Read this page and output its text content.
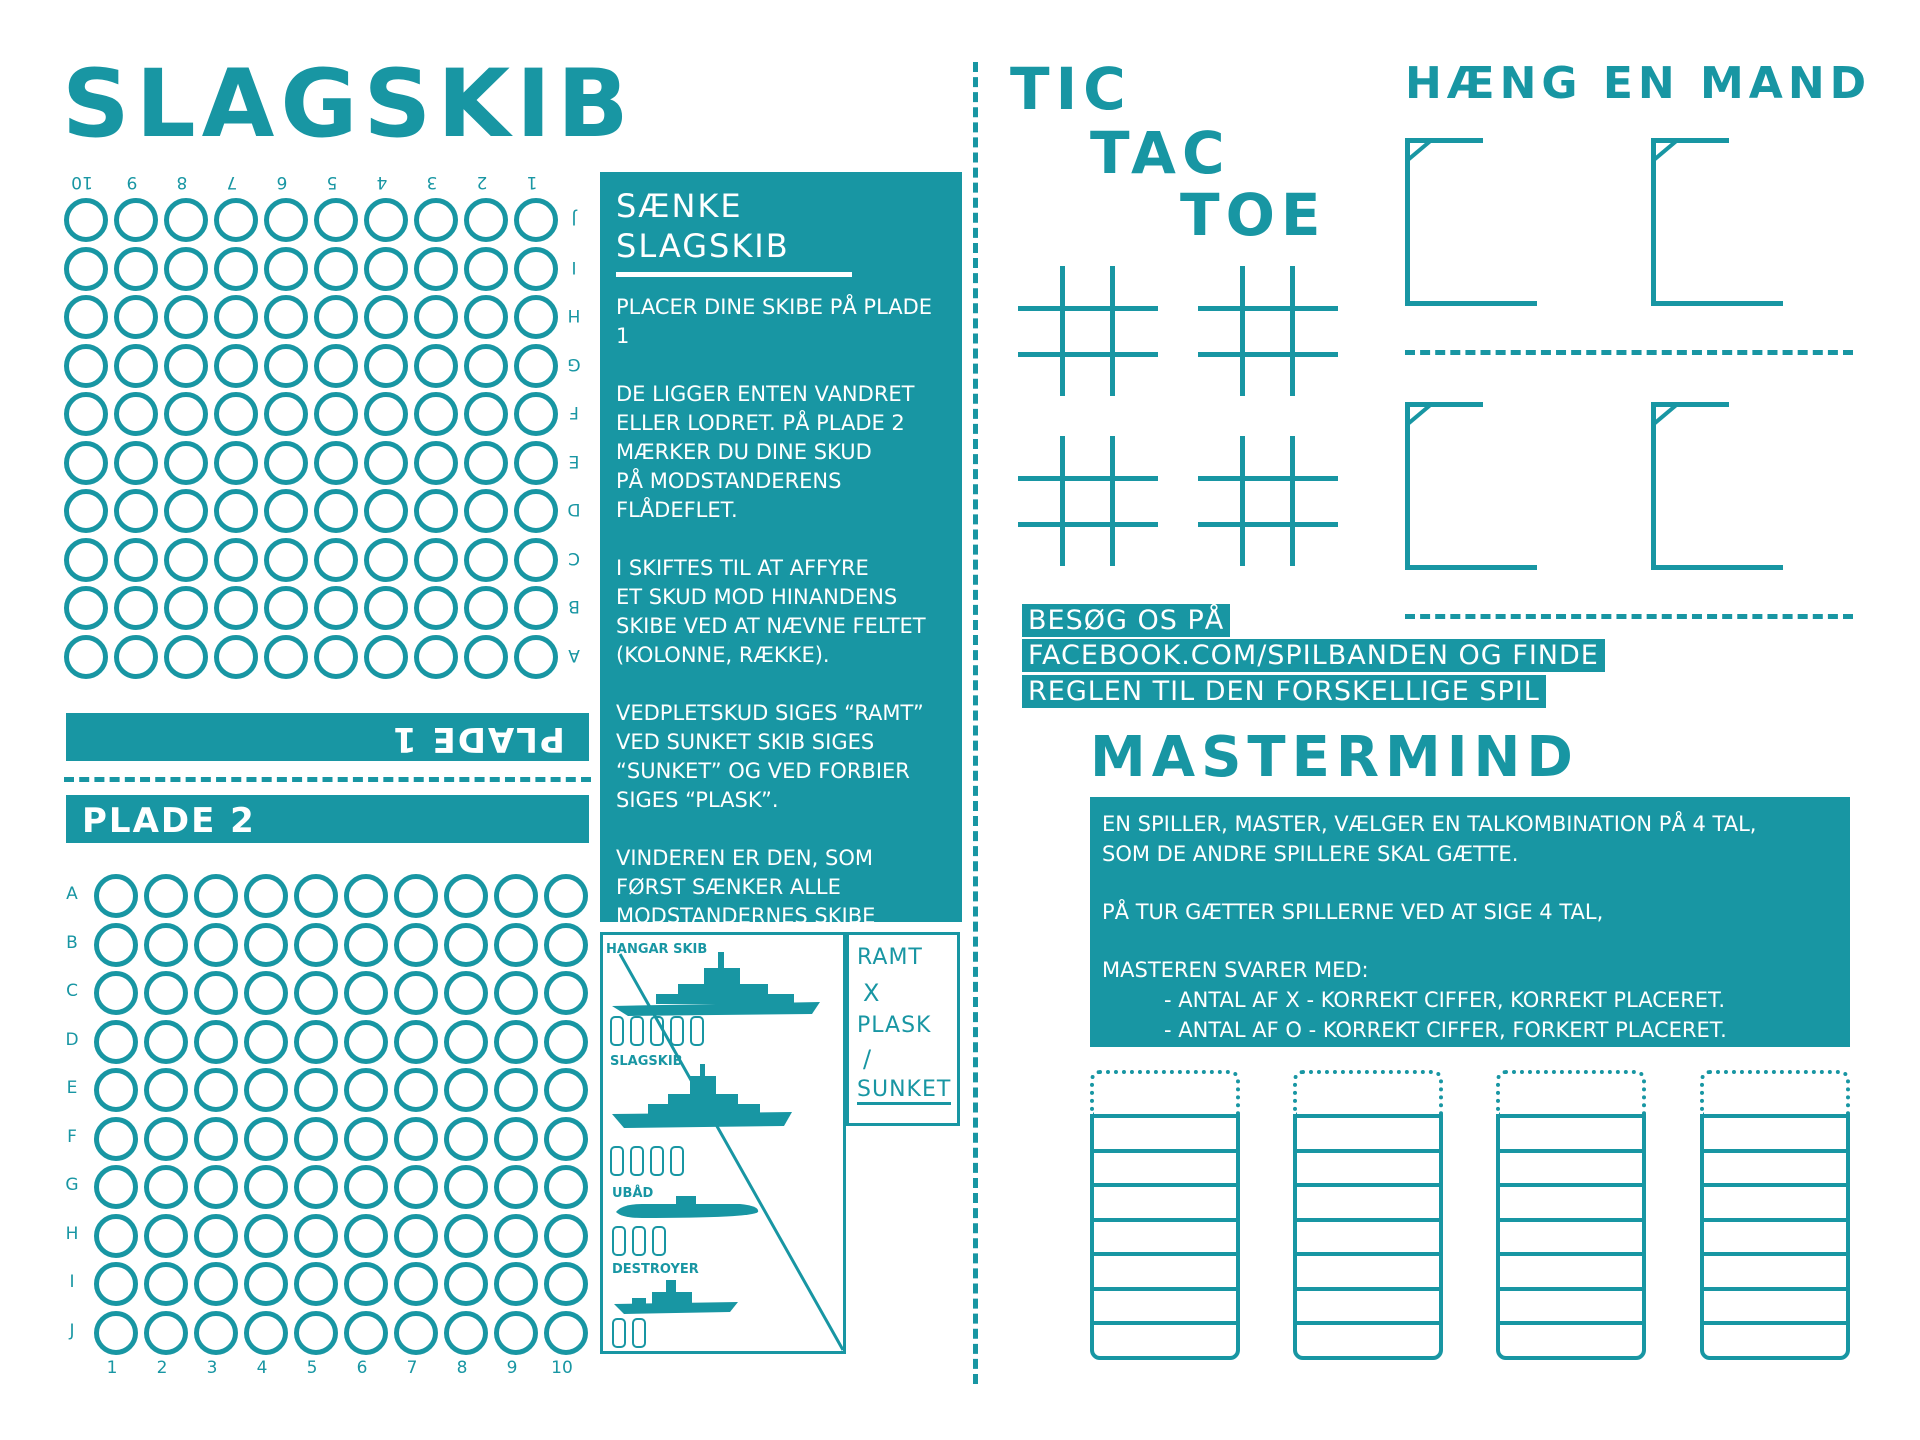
SLAGSKIB
10	9	8	7	6	5	4	3	2	1
J
I
H
G
F
E
D
C
B
A
PLADE 1
PLADE 2
A
B
C
D
E
F
G
H
I
J
1	2	3	4	5	6	7	8	9	10
SÆNKE
SLAGSKIB

PLACER DINE SKIBE PÅ PLADE 1

DE LIGGER ENTEN VANDRET
ELLER LODRET. PÅ PLADE 2
MÆRKER DU DINE SKUD
PÅ MODSTANDERENS
FLÅDEFLET.

I SKIFTES TIL AT AFFYRE
ET SKUD MOD HINANDENS
SKIBE VED AT NÆVNE FELTET
(KOLONNE, RÆKKE).

VEDPLETSKUD SIGES “RAMT”
VED SUNKET SKIB SIGES
“SUNKET” OG VED FORBIER
SIGES “PLASK”.

VINDEREN ER DEN, SOM
FØRST SÆNKER ALLE
MODSTANDERNES SKIBE

HANGAR SKIB
SLAGSKIB
UBÅD
DESTROYER
RAMT
X
PLASK
/
SUNKET
TIC
TAC
TOE
HÆNG EN MAND
BESØG OS PÅ
FACEBOOK.COM/SPILBANDEN OG FINDE
REGLEN TIL DEN FORSKELLIGE SPIL
MASTERMIND

EN SPILLER, MASTER, VÆLGER EN TALKOMBINATION PÅ 4 TAL,
SOM DE ANDRE SPILLERE SKAL GÆTTE.

PÅ TUR GÆTTER SPILLERNE VED AT SIGE 4 TAL,

MASTEREN SVARER MED:

- ANTAL AF X - KORREKT CIFFER, KORREKT PLACERET.

- ANTAL AF O - KORREKT CIFFER, FORKERT PLACERET.
